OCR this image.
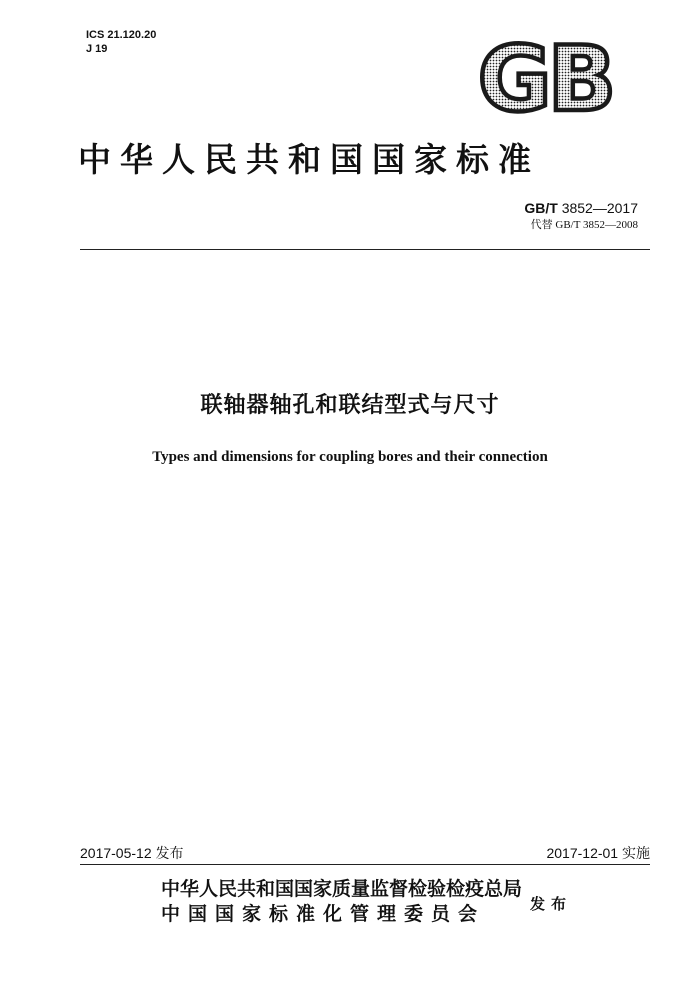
ICS 21.120.20
J 19	GB
中华人民共和国国家标准
GB/T 3852—2017
代替 GB/T 3852—2008
联轴器轴孔和联结型式与尺寸
Types and dimensions for coupling bores and their connection
2017-05-12 发布	2017-12-01 实施
中华人民共和国国家质量监督检验检疫总局
中国国家标准化管理委员会	发布
